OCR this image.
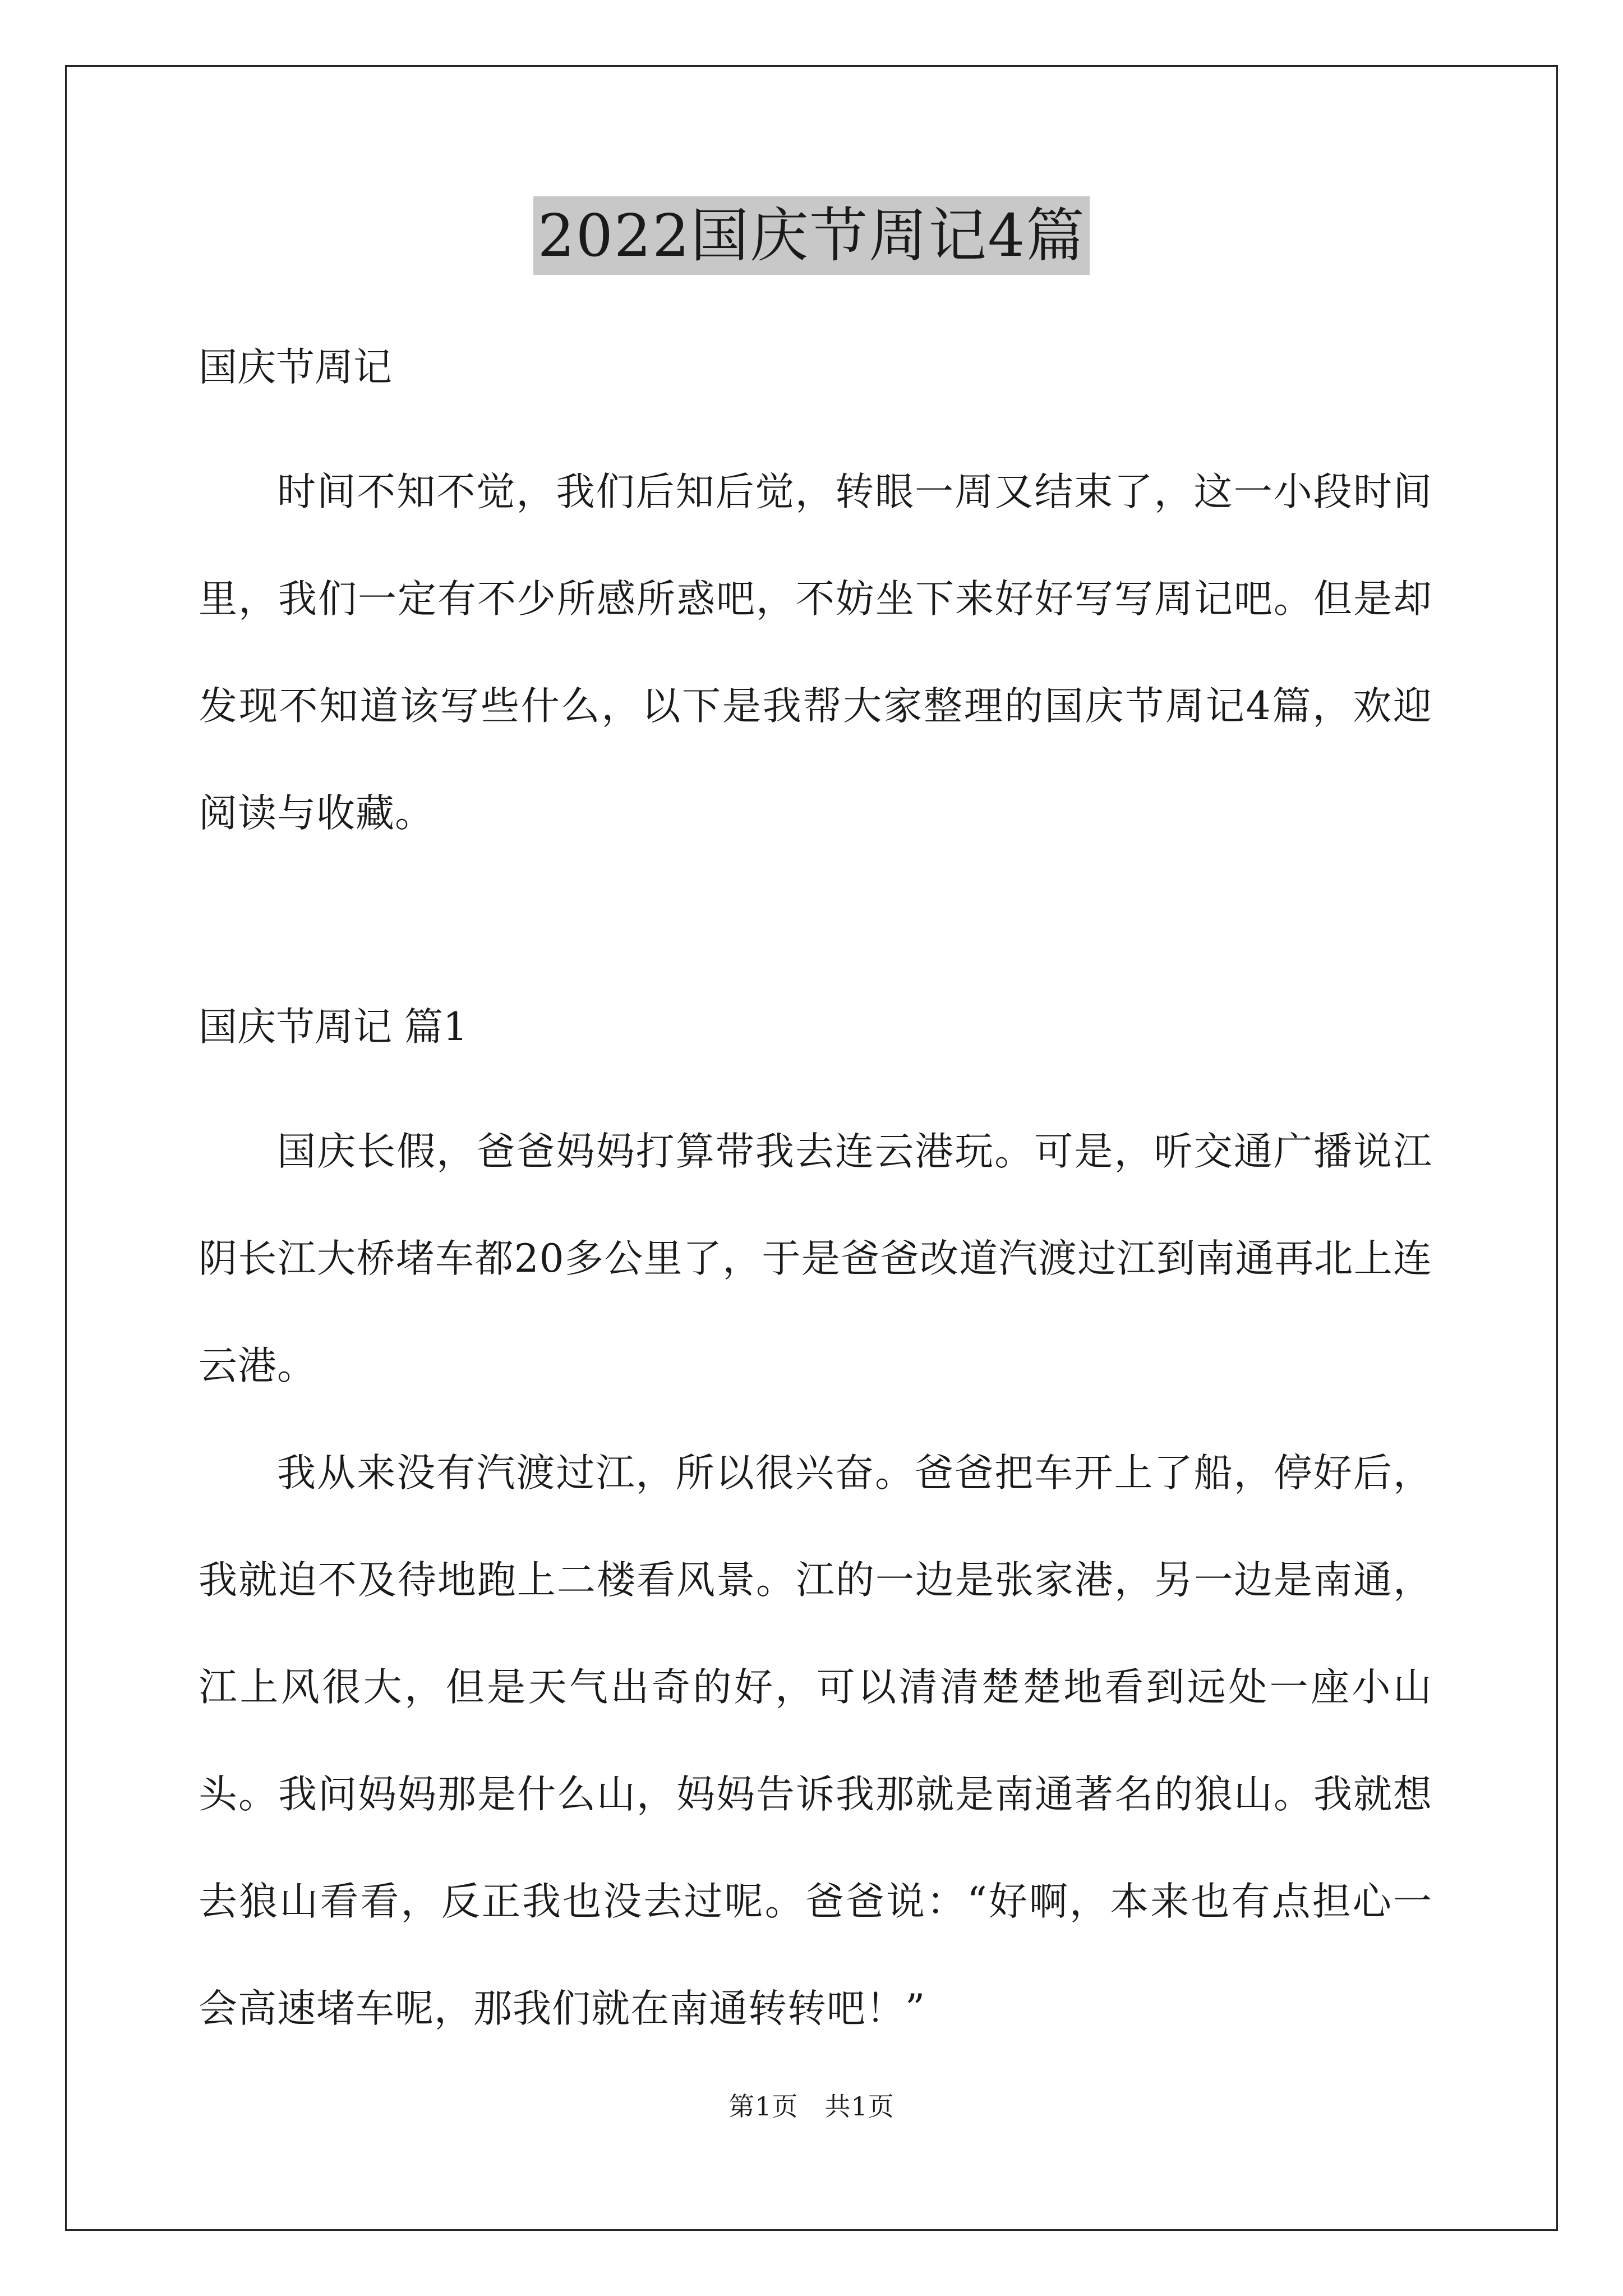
2022国庆节周记4篇

国庆节周记

时间不知不觉，我们后知后觉，转眼一周又结束了，这一小段时间里，我们一定有不少所感所惑吧，不妨坐下来好好写写周记吧。但是却发现不知道该写些什么，以下是我帮大家整理的国庆节周记4篇，欢迎阅读与收藏。

国庆节周记 篇1

国庆长假，爸爸妈妈打算带我去连云港玩。可是，听交通广播说江阴长江大桥堵车都20多公里了，于是爸爸改道汽渡过江到南通再北上连云港。

我从来没有汽渡过江，所以很兴奋。爸爸把车开上了船，停好后，我就迫不及待地跑上二楼看风景。江的一边是张家港，另一边是南通，江上风很大，但是天气出奇的好，可以清清楚楚地看到远处一座小山头。我问妈妈那是什么山，妈妈告诉我那就是南通著名的狼山。我就想去狼山看看，反正我也没去过呢。爸爸说：“好啊，本来也有点担心一会高速堵车呢，那我们就在南通转转吧！”

第1页　共1页
